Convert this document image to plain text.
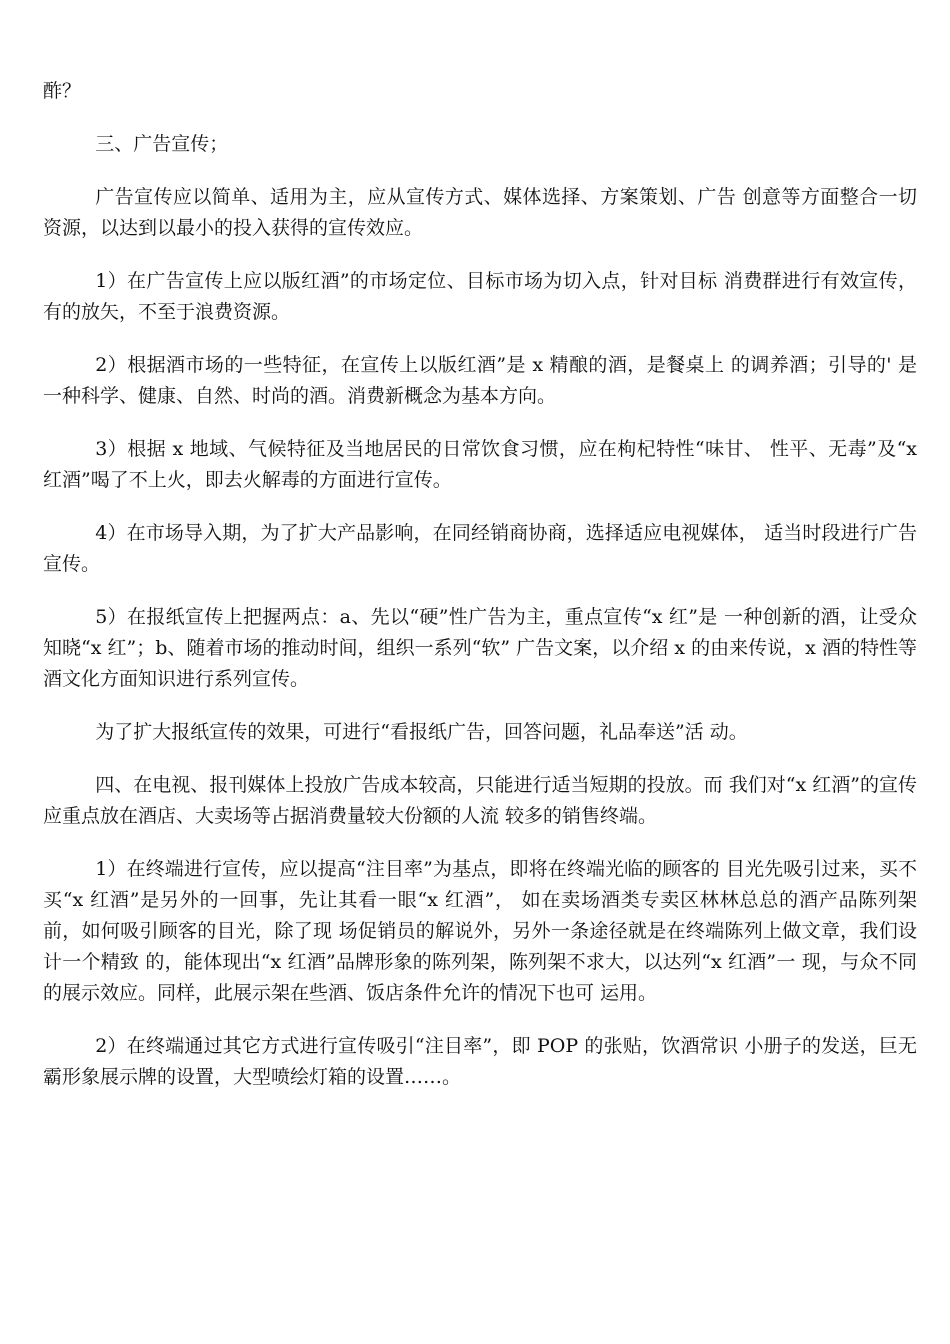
酢？

三、广告宣传；

广告宣传应以简单、适用为主，应从宣传方式、媒体选择、方案策划、广告 创意等方面整合一切资源，以达到以最小的投入获得的宣传效应。

1）在广告宣传上应以版红酒”的市场定位、目标市场为切入点，针对目标 消费群进行有效宣传，有的放矢，不至于浪费资源。

2）根据酒市场的一些特征，在宣传上以版红酒”是 x 精酿的酒，是餐桌上 的调养酒；引导的' 是一种科学、健康、自然、时尚的酒。消费新概念为基本方向。

3）根据 x 地域、气候特征及当地居民的日常饮食习惯，应在枸杞特性“味甘、 性平、无毒”及“x 红酒”喝了不上火，即去火解毒的方面进行宣传。

4）在市场导入期，为了扩大产品影响，在同经销商协商，选择适应电视媒体， 适当时段进行广告宣传。

5）在报纸宣传上把握两点：a、先以“硬”性广告为主，重点宣传“x 红”是 一种创新的酒，让受众知晓“x 红”；b、随着市场的推动时间，组织一系列“软” 广告文案，以介绍 x 的由来传说，x 酒的特性等酒文化方面知识进行系列宣传。

为了扩大报纸宣传的效果，可进行“看报纸广告，回答问题，礼品奉送”活 动。

四、在电视、报刊媒体上投放广告成本较高，只能进行适当短期的投放。而 我们对“x 红酒”的宣传应重点放在酒店、大卖场等占据消费量较大份额的人流 较多的销售终端。

1）在终端进行宣传，应以提高“注目率”为基点，即将在终端光临的顾客的 目光先吸引过来，买不买“x 红酒”是另外的一回事，先让其看一眼“x 红酒”， 如在卖场酒类专卖区林林总总的酒产品陈列架前，如何吸引顾客的目光，除了现 场促销员的解说外，另外一条途径就是在终端陈列上做文章，我们设计一个精致 的，能体现出“x 红酒”品牌形象的陈列架，陈列架不求大，以达列“x 红酒”一 现，与众不同的展示效应。同样，此展示架在些酒、饭店条件允许的情况下也可 运用。

2）在终端通过其它方式进行宣传吸引“注目率”，即 POP 的张贴，饮酒常识 小册子的发送，巨无霸形象展示牌的设置，大型喷绘灯箱的设置……。
